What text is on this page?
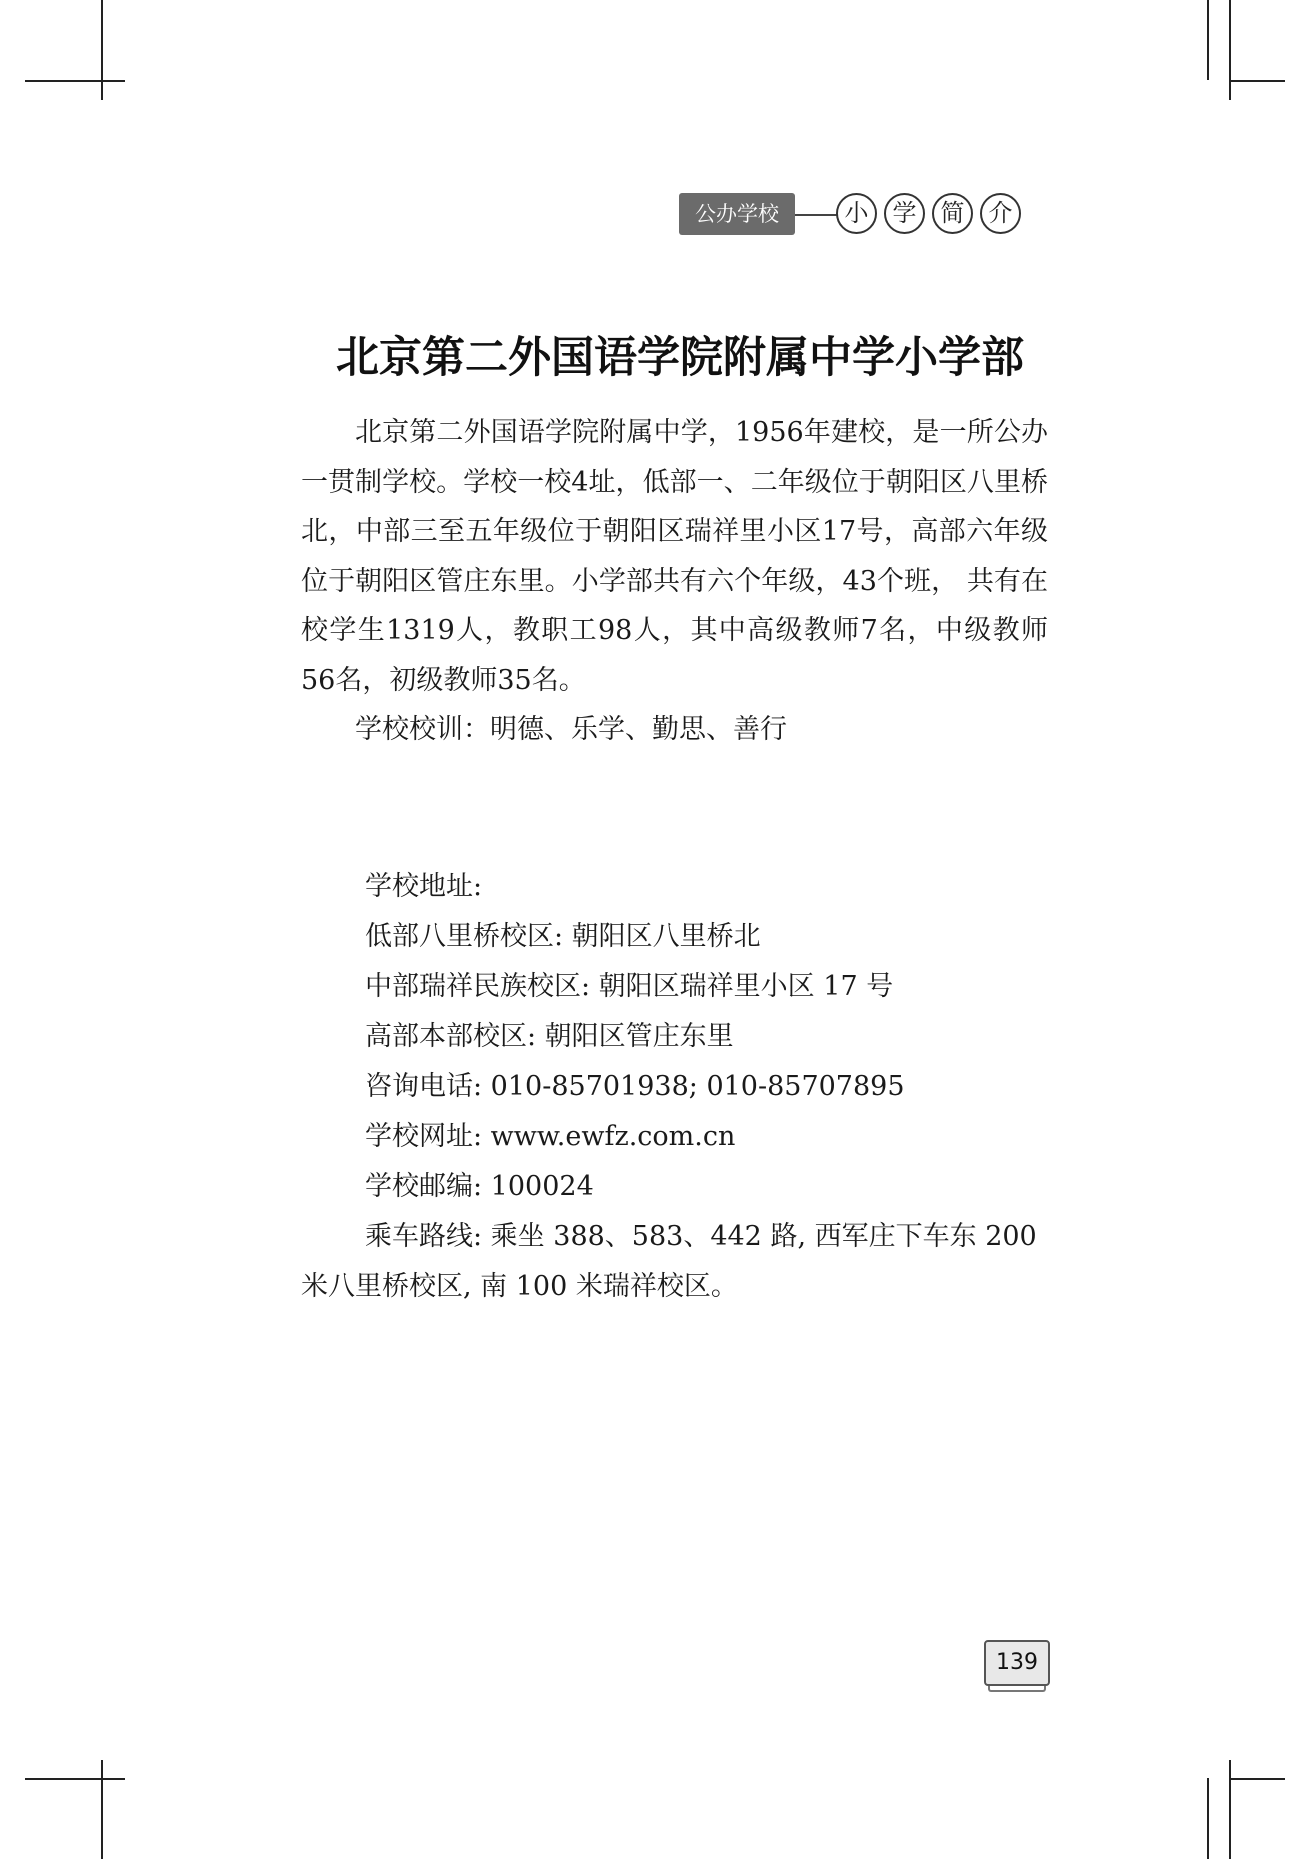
公办学校	小	学	简	介
北京第二外国语学院附属中学小学部

北京第二外国语学院附属中学，1956年建校，是一所公办一贯制学校。学校一校4址，低部一、二年级位于朝阳区八里桥北，中部三至五年级位于朝阳区瑞祥里小区17号，高部六年级位于朝阳区管庄东里。小学部共有六个年级，43个班， 共有在校学生1319人，教职工98人，其中高级教师7名，中级教师56名，初级教师35名。

学校校训：明德、乐学、勤思、善行

学校地址:

低部八里桥校区: 朝阳区八里桥北

中部瑞祥民族校区: 朝阳区瑞祥里小区 17 号

高部本部校区: 朝阳区管庄东里

咨询电话: 010-85701938; 010-85707895

学校网址: www.ewfz.com.cn

学校邮编: 100024

乘车路线: 乘坐 388、583、442 路, 西军庄下车东 200 米八里桥校区, 南 100 米瑞祥校区。

139
